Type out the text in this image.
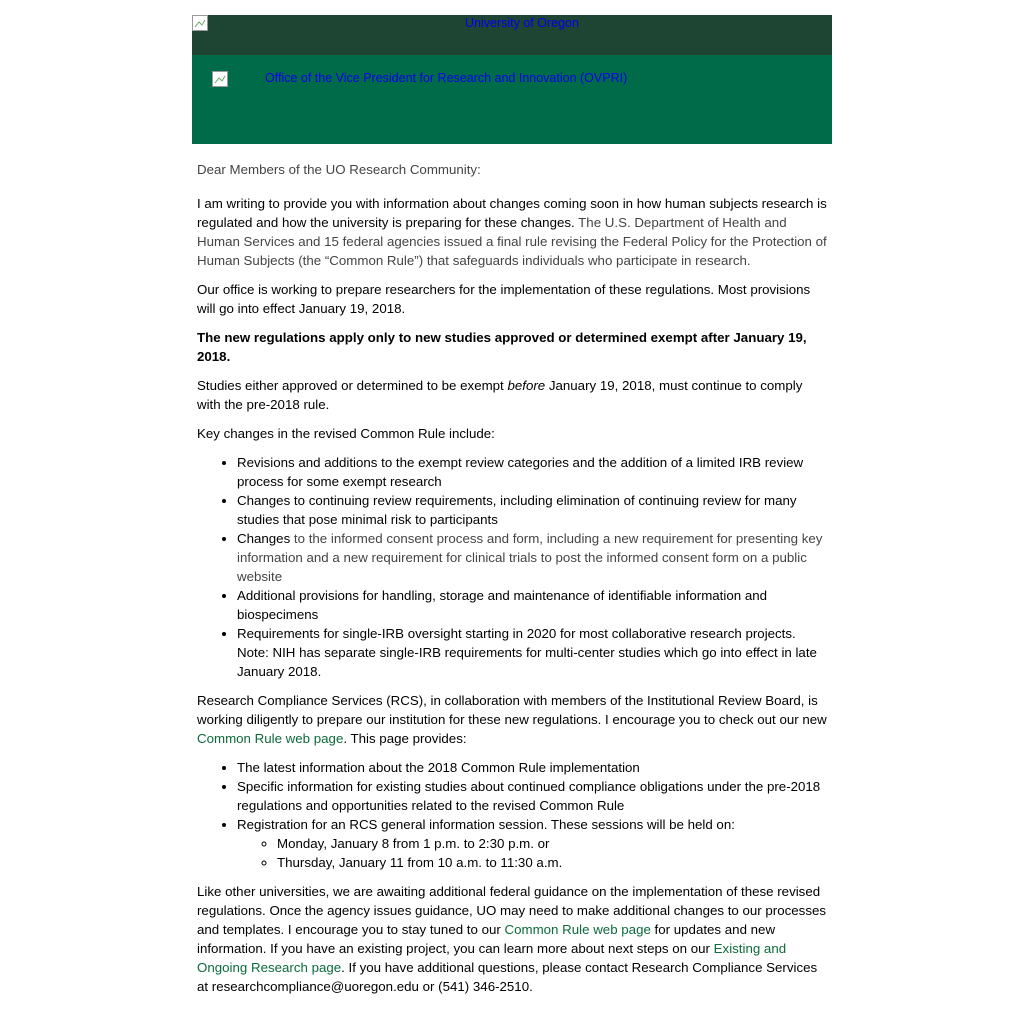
University of Oregon
Office of the Vice President for Research and Innovation (OVPRI)

Dear Members of the UO Research Community:

I am writing to provide you with information about changes coming soon in how human subjects research is regulated and how the university is preparing for these changes. The U.S. Department of Health and Human Services and 15 federal agencies issued a final rule revising the Federal Policy for the Protection of Human Subjects (the “Common Rule”) that safeguards individuals who participate in research.

Our office is working to prepare researchers for the implementation of these regulations. Most provisions will go into effect January 19, 2018.

The new regulations apply only to new studies approved or determined exempt after January 19, 2018.

Studies either approved or determined to be exempt before January 19, 2018, must continue to comply with the pre-2018 rule.

Key changes in the revised Common Rule include:

• Revisions and additions to the exempt review categories and the addition of a limited IRB review process for some exempt research
• Changes to continuing review requirements, including elimination of continuing review for many studies that pose minimal risk to participants
• Changes to the informed consent process and form, including a new requirement for presenting key information and a new requirement for clinical trials to post the informed consent form on a public website
• Additional provisions for handling, storage and maintenance of identifiable information and biospecimens
• Requirements for single-IRB oversight starting in 2020 for most collaborative research projects. Note: NIH has separate single-IRB requirements for multi-center studies which go into effect in late January 2018.

Research Compliance Services (RCS), in collaboration with members of the Institutional Review Board, is working diligently to prepare our institution for these new regulations. I encourage you to check out our new Common Rule web page. This page provides:

• The latest information about the 2018 Common Rule implementation
• Specific information for existing studies about continued compliance obligations under the pre-2018 regulations and opportunities related to the revised Common Rule
• Registration for an RCS general information session. These sessions will be held on:
◦ Monday, January 8 from 1 p.m. to 2:30 p.m. or
◦ Thursday, January 11 from 10 a.m. to 11:30 a.m.

Like other universities, we are awaiting additional federal guidance on the implementation of these revised regulations. Once the agency issues guidance, UO may need to make additional changes to our processes and templates. I encourage you to stay tuned to our Common Rule web page for updates and new information. If you have an existing project, you can learn more about next steps on our Existing and Ongoing Research page. If you have additional questions, please contact Research Compliance Services at researchcompliance@uoregon.edu or (541) 346-2510.
